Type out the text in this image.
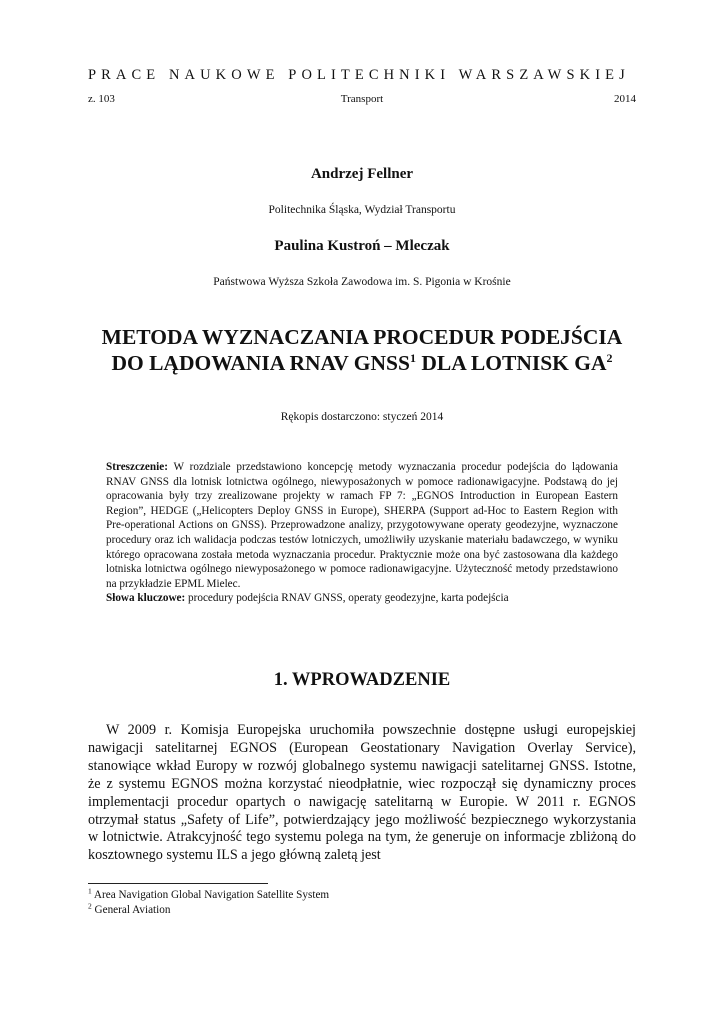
PRACE NAUKOWE POLITECHNIKI WARSZAWSKIEJ
z. 103	Transport	2014
Andrzej Fellner
Politechnika Śląska, Wydział Transportu
Paulina Kustroń – Mleczak
Państwowa Wyższa Szkoła Zawodowa im. S. Pigonia w Krośnie
METODA WYZNACZANIA PROCEDUR PODEJŚCIA
DO LĄDOWANIA RNAV GNSS$^1$ DLA LOTNISK $GA^2$
Rękopis dostarczono: styczeń 2014

Streszczenie: W rozdziale przedstawiono koncepcję metody wyznaczania procedur podejścia do lądowania RNAV GNSS dla lotnisk lotnictwa ogólnego, niewyposażonych w pomoce radionawigacyjne. Podstawą do jej opracowania były trzy zrealizowane projekty w ramach FP 7: „EGNOS Introduction in European Eastern Region”, HEDGE („Helicopters Deploy GNSS in Europe), SHERPA (Support ad-Hoc to Eastern Region with Pre-operational Actions on GNSS). Przeprowadzone analizy, przygotowywane operaty geodezyjne, wyznaczone procedury oraz ich walidacja podczas testów lotniczych, umożliwiły uzyskanie materiału badawczego, w wyniku którego opracowana została metoda wyznaczania procedur. Praktycznie może ona być zastosowana dla każdego lotniska lotnictwa ogólnego niewyposażonego w pomoce radionawigacyjne. Użyteczność metody przedstawiono na przykładzie EPML Mielec.

Słowa kluczowe: procedury podejścia RNAV GNSS, operaty geodezyjne, karta podejścia

1. WPROWADZENIE

W 2009 r. Komisja Europejska uruchomiła powszechnie dostępne usługi europejskiej nawigacji satelitarnej EGNOS (European Geostationary Navigation Overlay Service), stanowiące wkład Europy w rozwój globalnego systemu nawigacji satelitarnej GNSS. Istotne, że z systemu EGNOS można korzystać nieodpłatnie, wiec rozpoczął się dynamiczny proces implementacji procedur opartych o nawigację satelitarną w Europie. W 2011 r. EGNOS otrzymał status „Safety of Life”, potwierdzający jego możliwość bezpiecznego wykorzystania w lotnictwie. Atrakcyjność tego systemu polega na tym, że generuje on informacje zbliżoną do kosztownego systemu ILS a jego główną zaletą jest

$^1$ Area Navigation Global Navigation Satellite System
$^2$ General Aviation
